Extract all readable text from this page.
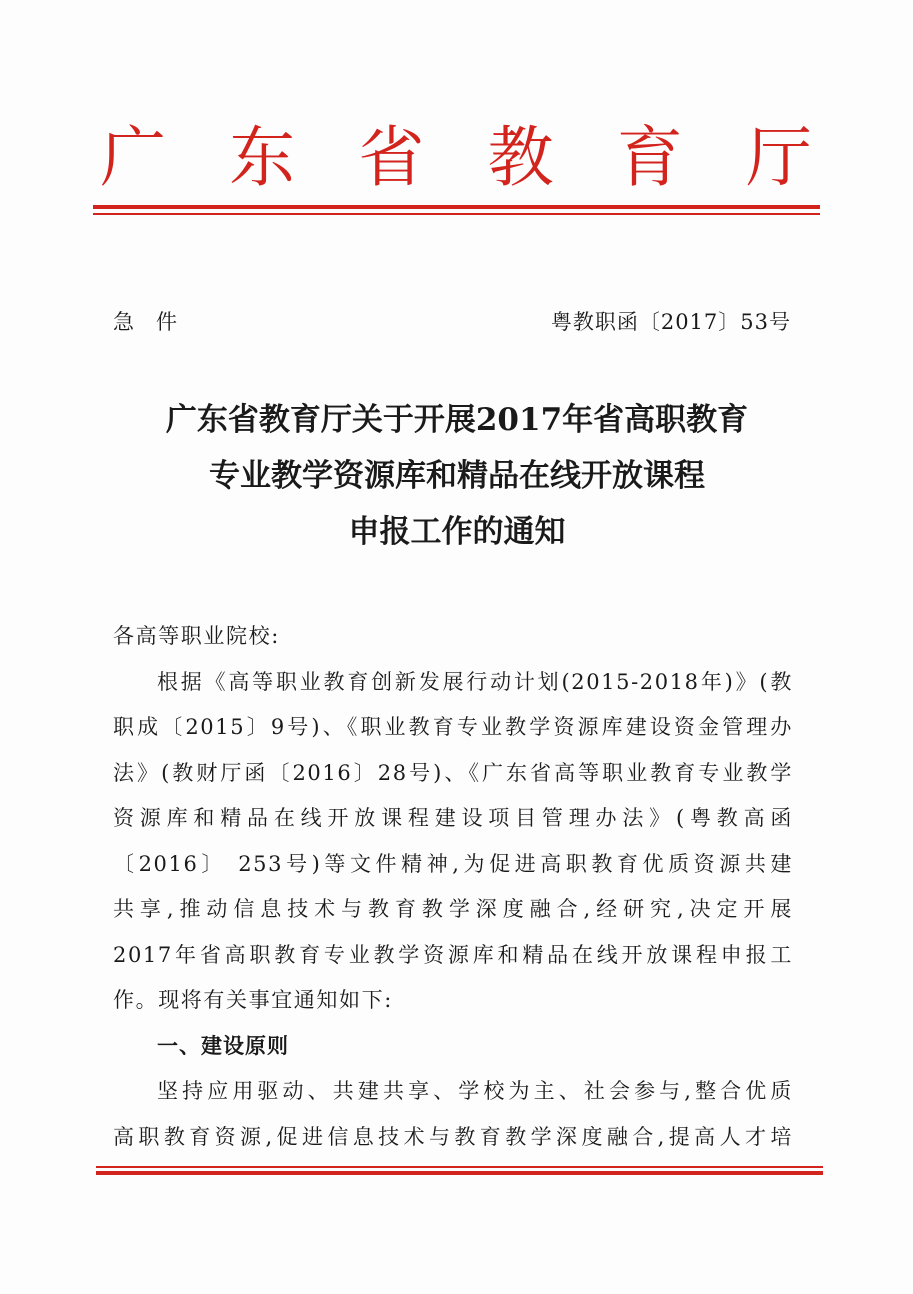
广 东 省 教 育 厅
急件	粤教职函〔2017〕53号
广东省教育厅关于开展2017年省高职教育
专业教学资源库和精品在线开放课程
申报工作的通知
各高等职业院校:
根据《高等职业教育创新发展行动计划(2015-2018年)》(教
职成〔2015〕9号)、《职业教育专业教学资源库建设资金管理办
法》(教财厅函〔2016〕28号)、《广东省高等职业教育专业教学
资源库和精品在线开放课程建设项目管理办法》(粤教高函
〔2016〕 253号)等文件精神,为促进高职教育优质资源共建
共享,推动信息技术与教育教学深度融合,经研究,决定开展
2017年省高职教育专业教学资源库和精品在线开放课程申报工
作。现将有关事宜通知如下:
一、建设原则
坚持应用驱动、共建共享、学校为主、社会参与,整合优质
高职教育资源,促进信息技术与教育教学深度融合,提高人才培
